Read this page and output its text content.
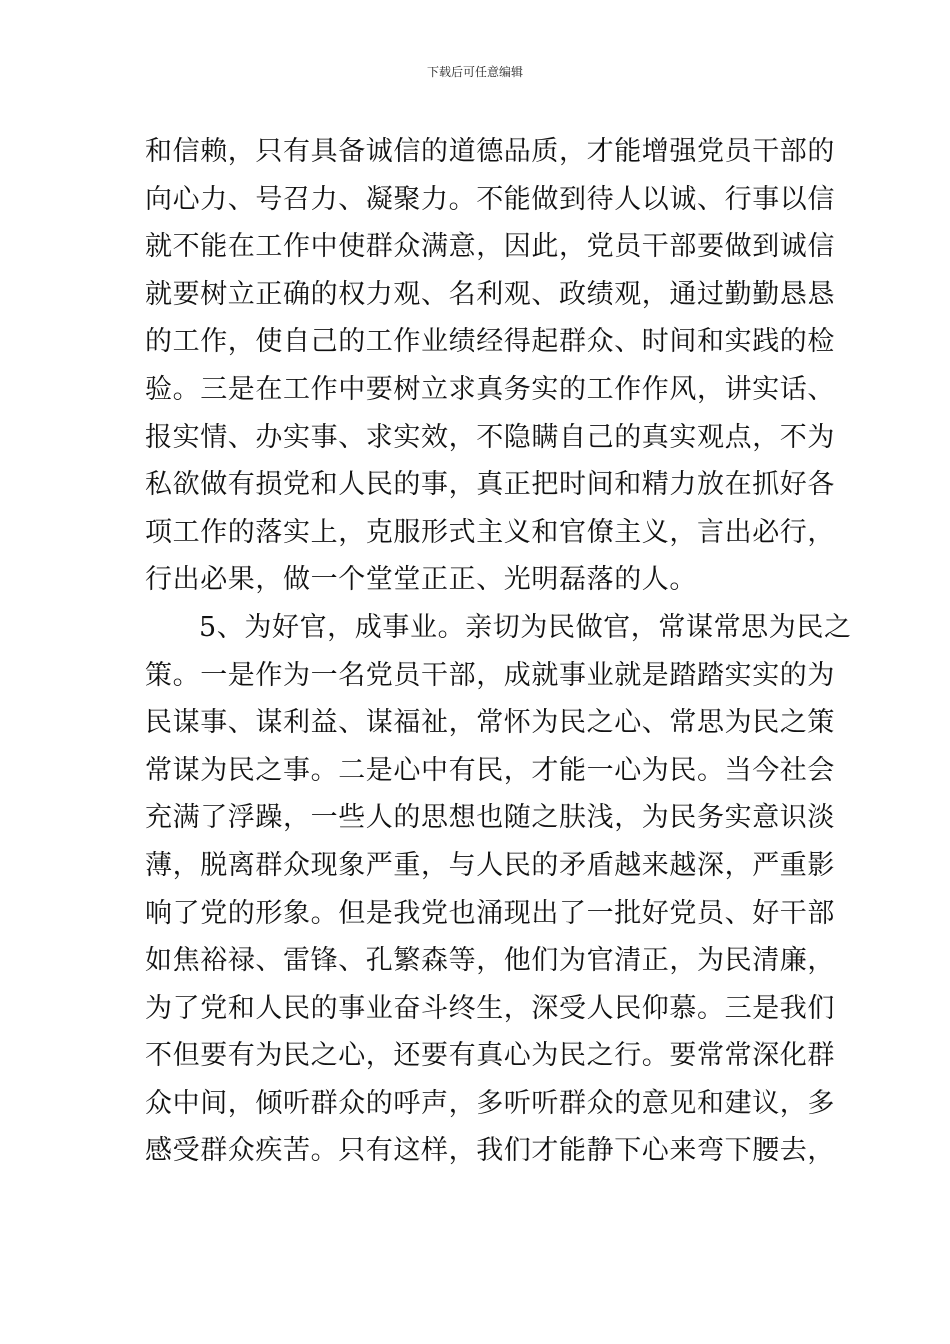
下载后可任意编辑
和信赖，只有具备诚信的道德品质，才能增强党员干部的
向心力、号召力、凝聚力。不能做到待人以诚、行事以信
就不能在工作中使群众满意，因此，党员干部要做到诚信
就要树立正确的权力观、名利观、政绩观，通过勤勤恳恳
的工作，使自己的工作业绩经得起群众、时间和实践的检
验。三是在工作中要树立求真务实的工作作风，讲实话、
报实情、办实事、求实效，不隐瞒自己的真实观点，不为
私欲做有损党和人民的事，真正把时间和精力放在抓好各
项工作的落实上，克服形式主义和官僚主义，言出必行，
行出必果，做一个堂堂正正、光明磊落的人。
5、为好官，成事业。亲切为民做官，常谋常思为民之
策。一是作为一名党员干部，成就事业就是踏踏实实的为
民谋事、谋利益、谋福祉，常怀为民之心、常思为民之策
常谋为民之事。二是心中有民，才能一心为民。当今社会
充满了浮躁，一些人的思想也随之肤浅，为民务实意识淡
薄，脱离群众现象严重，与人民的矛盾越来越深，严重影
响了党的形象。但是我党也涌现出了一批好党员、好干部
如焦裕禄、雷锋、孔繁森等，他们为官清正，为民清廉，
为了党和人民的事业奋斗终生，深受人民仰慕。三是我们
不但要有为民之心，还要有真心为民之行。要常常深化群
众中间，倾听群众的呼声，多听听群众的意见和建议，多
感受群众疾苦。只有这样，我们才能静下心来弯下腰去，
